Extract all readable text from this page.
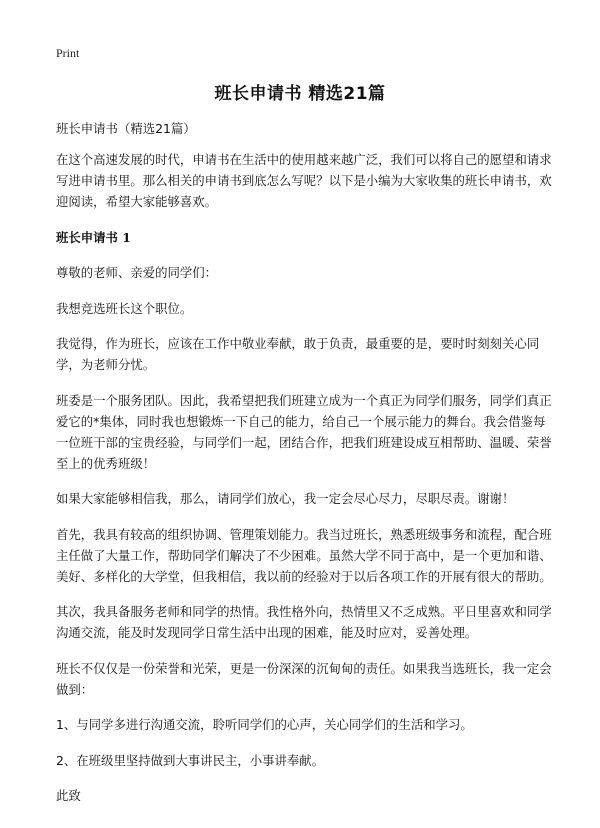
Print
班长申请书 精选21篇

班长申请书（精选21篇）

在这个高速发展的时代，申请书在生活中的使用越来越广泛，我们可以将自己的愿望和请求写进申请书里。那么相关的申请书到底怎么写呢？以下是小编为大家收集的班长申请书，欢迎阅读，希望大家能够喜欢。

班长申请书 1

尊敬的老师、亲爱的同学们：

我想竞选班长这个职位。

我觉得，作为班长，应该在工作中敬业奉献，敢于负责，最重要的是，要时时刻刻关心同学，为老师分忧。

班委是一个服务团队。因此，我希望把我们班建立成为一个真正为同学们服务，同学们真正爱它的*集体，同时我也想锻炼一下自己的能力，给自己一个展示能力的舞台。我会借鉴每一位班干部的宝贵经验，与同学们一起，团结合作，把我们班建设成互相帮助、温暖、荣誉至上的优秀班级！

如果大家能够相信我，那么，请同学们放心，我一定会尽心尽力，尽职尽责。谢谢！

首先，我具有较高的组织协调、管理策划能力。我当过班长，熟悉班级事务和流程，配合班主任做了大量工作，帮助同学们解决了不少困难。虽然大学不同于高中，是一个更加和谐、美好、多样化的大学堂，但我相信，我以前的经验对于以后各项工作的开展有很大的帮助。

其次，我具备服务老师和同学的热情。我性格外向，热情里又不乏成熟。平日里喜欢和同学沟通交流，能及时发现同学日常生活中出现的困难，能及时应对，妥善处理。

班长不仅仅是一份荣誉和光荣，更是一份深深的沉甸甸的责任。如果我当选班长，我一定会做到：

1、与同学多进行沟通交流，聆听同学们的心声，关心同学们的生活和学习。

2、在班级里坚持做到大事讲民主，小事讲奉献。

此致
